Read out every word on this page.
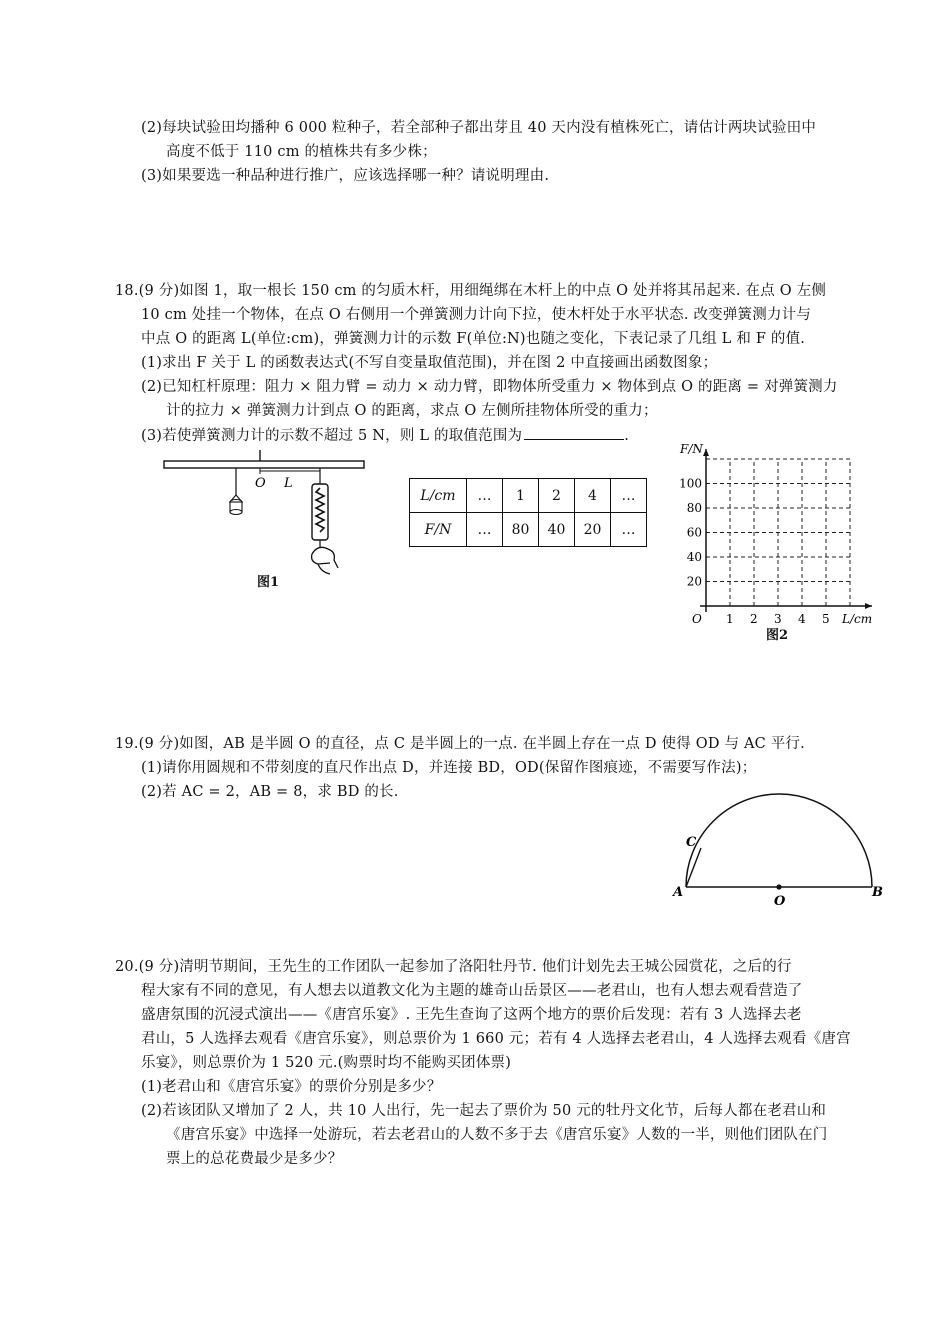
(2)每块试验田均播种 6 000 粒种子，若全部种子都出芽且 40 天内没有植株死亡，请估计两块试验田中
高度不低于 110 cm 的植株共有多少株；
(3)如果要选一种品种进行推广，应该选择哪一种？请说明理由.
18.(9 分)如图 1，取一根长 150 cm 的匀质木杆，用细绳绑在木杆上的中点 O 处并将其吊起来. 在点 O 左侧
10 cm 处挂一个物体，在点 O 右侧用一个弹簧测力计向下拉，使木杆处于水平状态. 改变弹簧测力计与
中点 O 的距离 L(单位:cm)，弹簧测力计的示数 F(单位:N)也随之变化，下表记录了几组 L 和 F 的值.
(1)求出 F 关于 L 的函数表达式(不写自变量取值范围)，并在图 2 中直接画出函数图象；
(2)已知杠杆原理：阻力 × 阻力臂 = 动力 × 动力臂，即物体所受重力 × 物体到点 O 的距离 = 对弹簧测力
计的拉力 × 弹簧测力计到点 O 的距离，求点 O 左侧所挂物体所受的重力；
(3)若使弹簧测力计的示数不超过 5 N，则 L 的取值范围为	.
O L
图1
L/cm	…	1	2	4	…
F/N	…	80	40	20	…
1 2 3 4 5
20
40
60
80
100
O	L/cm
F/N
图2
19.(9 分)如图，AB 是半圆 O 的直径，点 C 是半圆上的一点. 在半圆上存在一点 D 使得 OD 与 AC 平行.
(1)请你用圆规和不带刻度的直尺作出点 D，并连接 BD，OD(保留作图痕迹，不需要写作法)；
(2)若 AC = 2，AB = 8，求 BD 的长.
A	B
C
O
20.(9 分)清明节期间，王先生的工作团队一起参加了洛阳牡丹节. 他们计划先去王城公园赏花，之后的行
程大家有不同的意见，有人想去以道教文化为主题的雄奇山岳景区——老君山，也有人想去观看营造了
盛唐氛围的沉浸式演出——《唐宫乐宴》. 王先生查询了这两个地方的票价后发现：若有 3 人选择去老
君山，5 人选择去观看《唐宫乐宴》，则总票价为 1 660 元；若有 4 人选择去老君山，4 人选择去观看《唐宫
乐宴》，则总票价为 1 520 元.(购票时均不能购买团体票)
(1)老君山和《唐宫乐宴》的票价分别是多少？
(2)若该团队又增加了 2 人，共 10 人出行，先一起去了票价为 50 元的牡丹文化节，后每人都在老君山和
《唐宫乐宴》中选择一处游玩，若去老君山的人数不多于去《唐宫乐宴》人数的一半，则他们团队在门
票上的总花费最少是多少？
